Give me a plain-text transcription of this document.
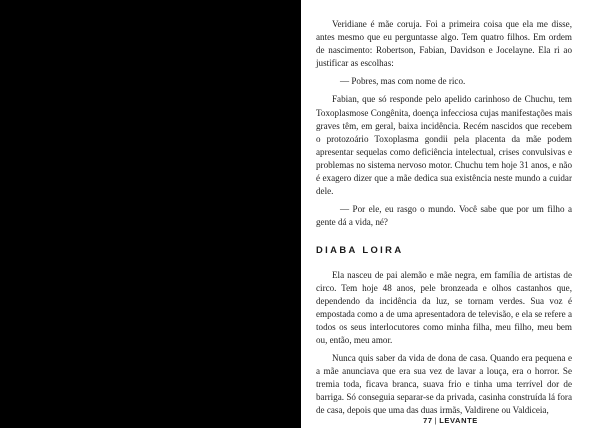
Veridiane é mãe coruja. Foi a primeira coisa que ela me disse, antes mesmo que eu perguntasse algo. Tem quatro filhos. Em ordem de nascimento: Robertson, Fabian, Davidson e Jocelayne. Ela ri ao justificar as escolhas:

— Pobres, mas com nome de rico.

Fabian, que só responde pelo apelido carinhoso de Chuchu, tem Toxoplasmose Congênita, doença infecciosa cujas manifestações mais graves têm, em geral, baixa incidência. Recém nascidos que recebem o protozoário Toxoplasma gondii pela placenta da mãe podem apresentar sequelas como deficiência intelectual, crises convulsivas e problemas no sistema nervoso motor. Chuchu tem hoje 31 anos, e não é exagero dizer que a mãe dedica sua existência neste mundo a cuidar dele.

— Por ele, eu rasgo o mundo. Você sabe que por um filho a gente dá a vida, né?

DIABA LOIRA

Ela nasceu de pai alemão e mãe negra, em família de artistas de circo. Tem hoje 48 anos, pele bronzeada e olhos castanhos que, dependendo da incidência da luz, se tornam verdes. Sua voz é empostada como a de uma apresentadora de televisão, e ela se refere a todos os seus interlocutores como minha filha, meu filho, meu bem ou, então, meu amor.

Nunca quis saber da vida de dona de casa. Quando era pequena e a mãe anunciava que era sua vez de lavar a louça, era o horror. Se tremia toda, ficava branca, suava frio e tinha uma terrível dor de barriga. Só conseguia separar-se da privada, casinha construída lá fora de casa, depois que uma das duas irmãs, Valdirene ou Valdiceia,

77 | LEVANTE
